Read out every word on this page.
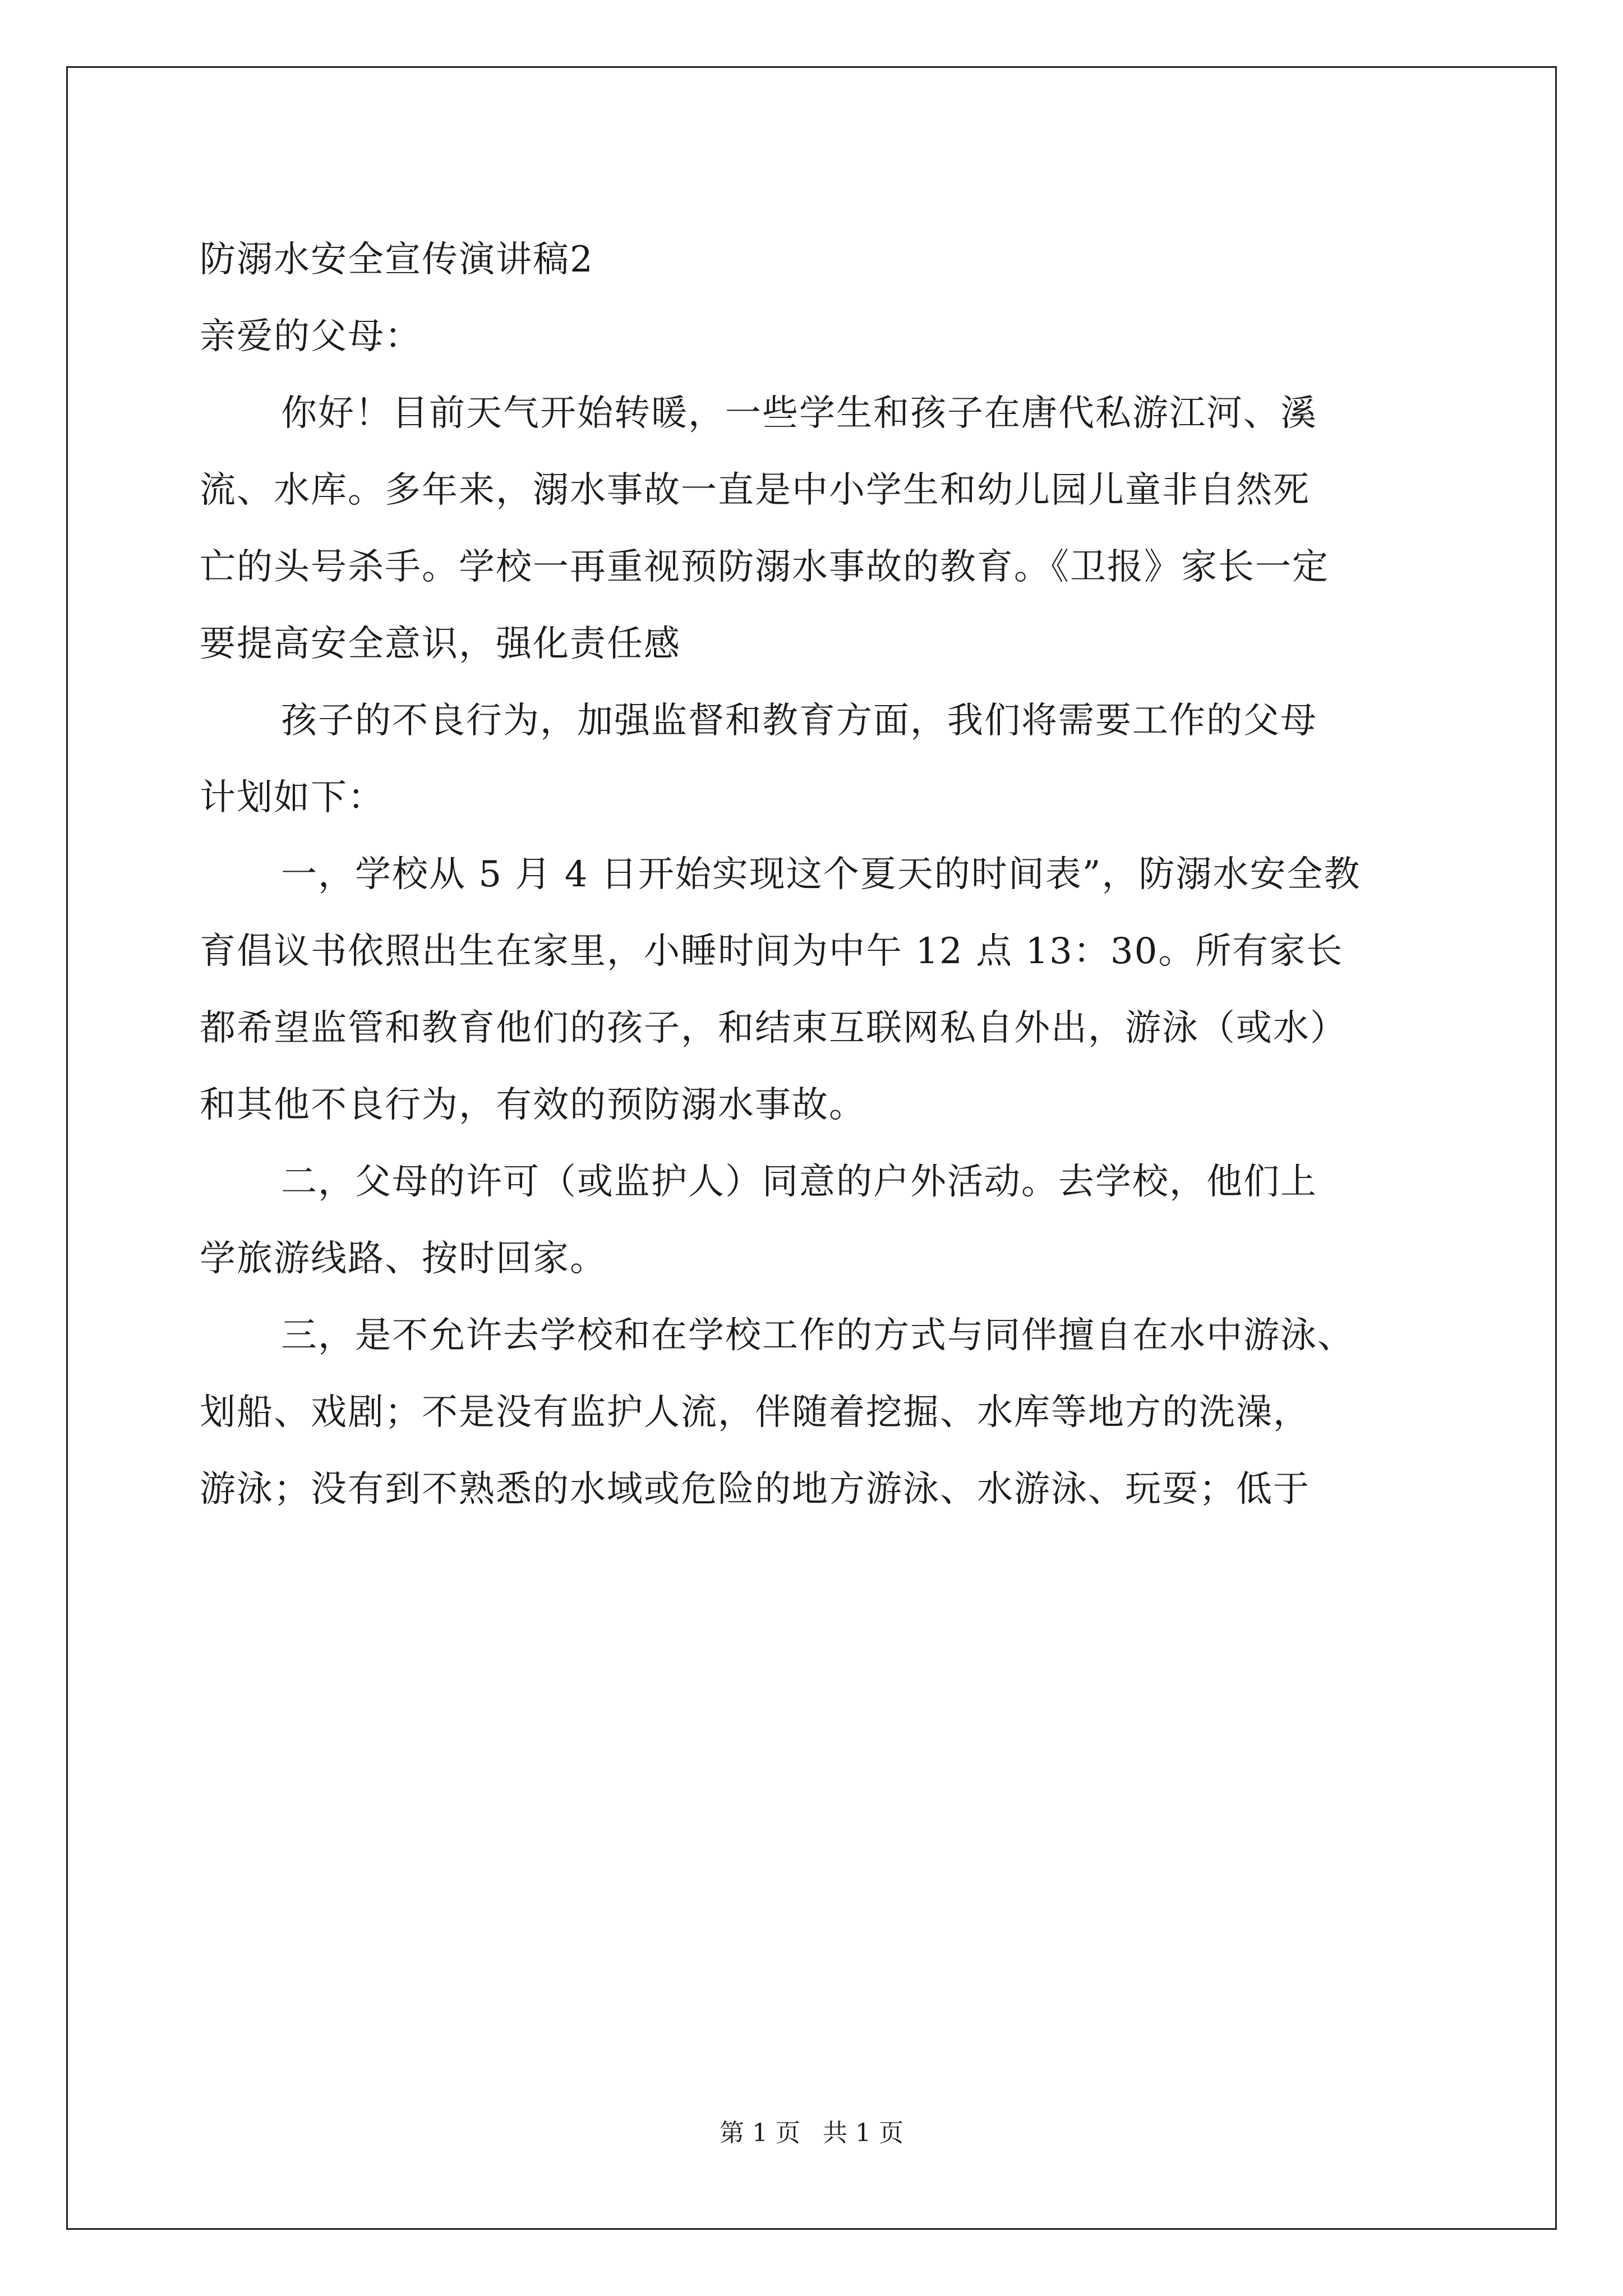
防溺水安全宣传演讲稿2

亲爱的父母：

你好！目前天气开始转暖，一些学生和孩子在唐代私游江河、溪

流、水库。多年来，溺水事故一直是中小学生和幼儿园儿童非自然死

亡的头号杀手。学校一再重视预防溺水事故的教育。《卫报》家长一定

要提高安全意识，强化责任感

孩子的不良行为，加强监督和教育方面，我们将需要工作的父母

计划如下：

一，学校从 5 月 4 日开始实现这个夏天的时间表”，防溺水安全教

育倡议书依照出生在家里，小睡时间为中午 12 点 13：30。所有家长

都希望监管和教育他们的孩子，和结束互联网私自外出，游泳（或水）

和其他不良行为，有效的预防溺水事故。

二，父母的许可（或监护人）同意的户外活动。去学校，他们上

学旅游线路、按时回家。

三，是不允许去学校和在学校工作的方式与同伴擅自在水中游泳、

划船、戏剧；不是没有监护人流，伴随着挖掘、水库等地方的洗澡，

游泳；没有到不熟悉的水域或危险的地方游泳、水游泳、玩耍；低于

第 1 页 共 1 页
